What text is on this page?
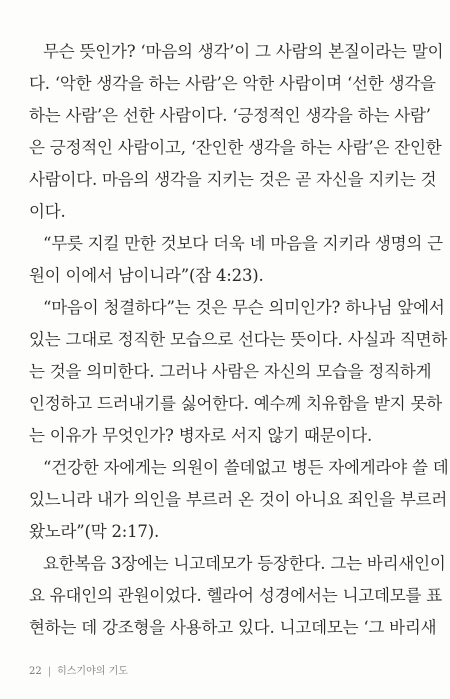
무슨 뜻인가? ‘마음의 생각’이 그 사람의 본질이라는 말이
다. ‘악한 생각을 하는 사람’은 악한 사람이며 ‘선한 생각을
하는 사람’은 선한 사람이다. ‘긍정적인 생각을 하는 사람’
은 긍정적인 사람이고, ‘잔인한 생각을 하는 사람’은 잔인한
사람이다. 마음의 생각을 지키는 것은 곧 자신을 지키는 것
이다.
“무릇 지킬 만한 것보다 더욱 네 마음을 지키라 생명의 근
원이 이에서 남이니라”(잠 4:23).
“마음이 청결하다”는 것은 무슨 의미인가? 하나님 앞에서
있는 그대로 정직한 모습으로 선다는 뜻이다. 사실과 직면하
는 것을 의미한다. 그러나 사람은 자신의 모습을 정직하게
인정하고 드러내기를 싫어한다. 예수께 치유함을 받지 못하
는 이유가 무엇인가? 병자로 서지 않기 때문이다.
“건강한 자에게는 의원이 쓸데없고 병든 자에게라야 쓸 데
있느니라 내가 의인을 부르러 온 것이 아니요 죄인을 부르러
왔노라”(막 2:17).
요한복음 3장에는 니고데모가 등장한다. 그는 바리새인이
요 유대인의 관원이었다. 헬라어 성경에서는 니고데모를 표
현하는 데 강조형을 사용하고 있다. 니고데모는 ‘그 바리새
22 | 히스기야의 기도
